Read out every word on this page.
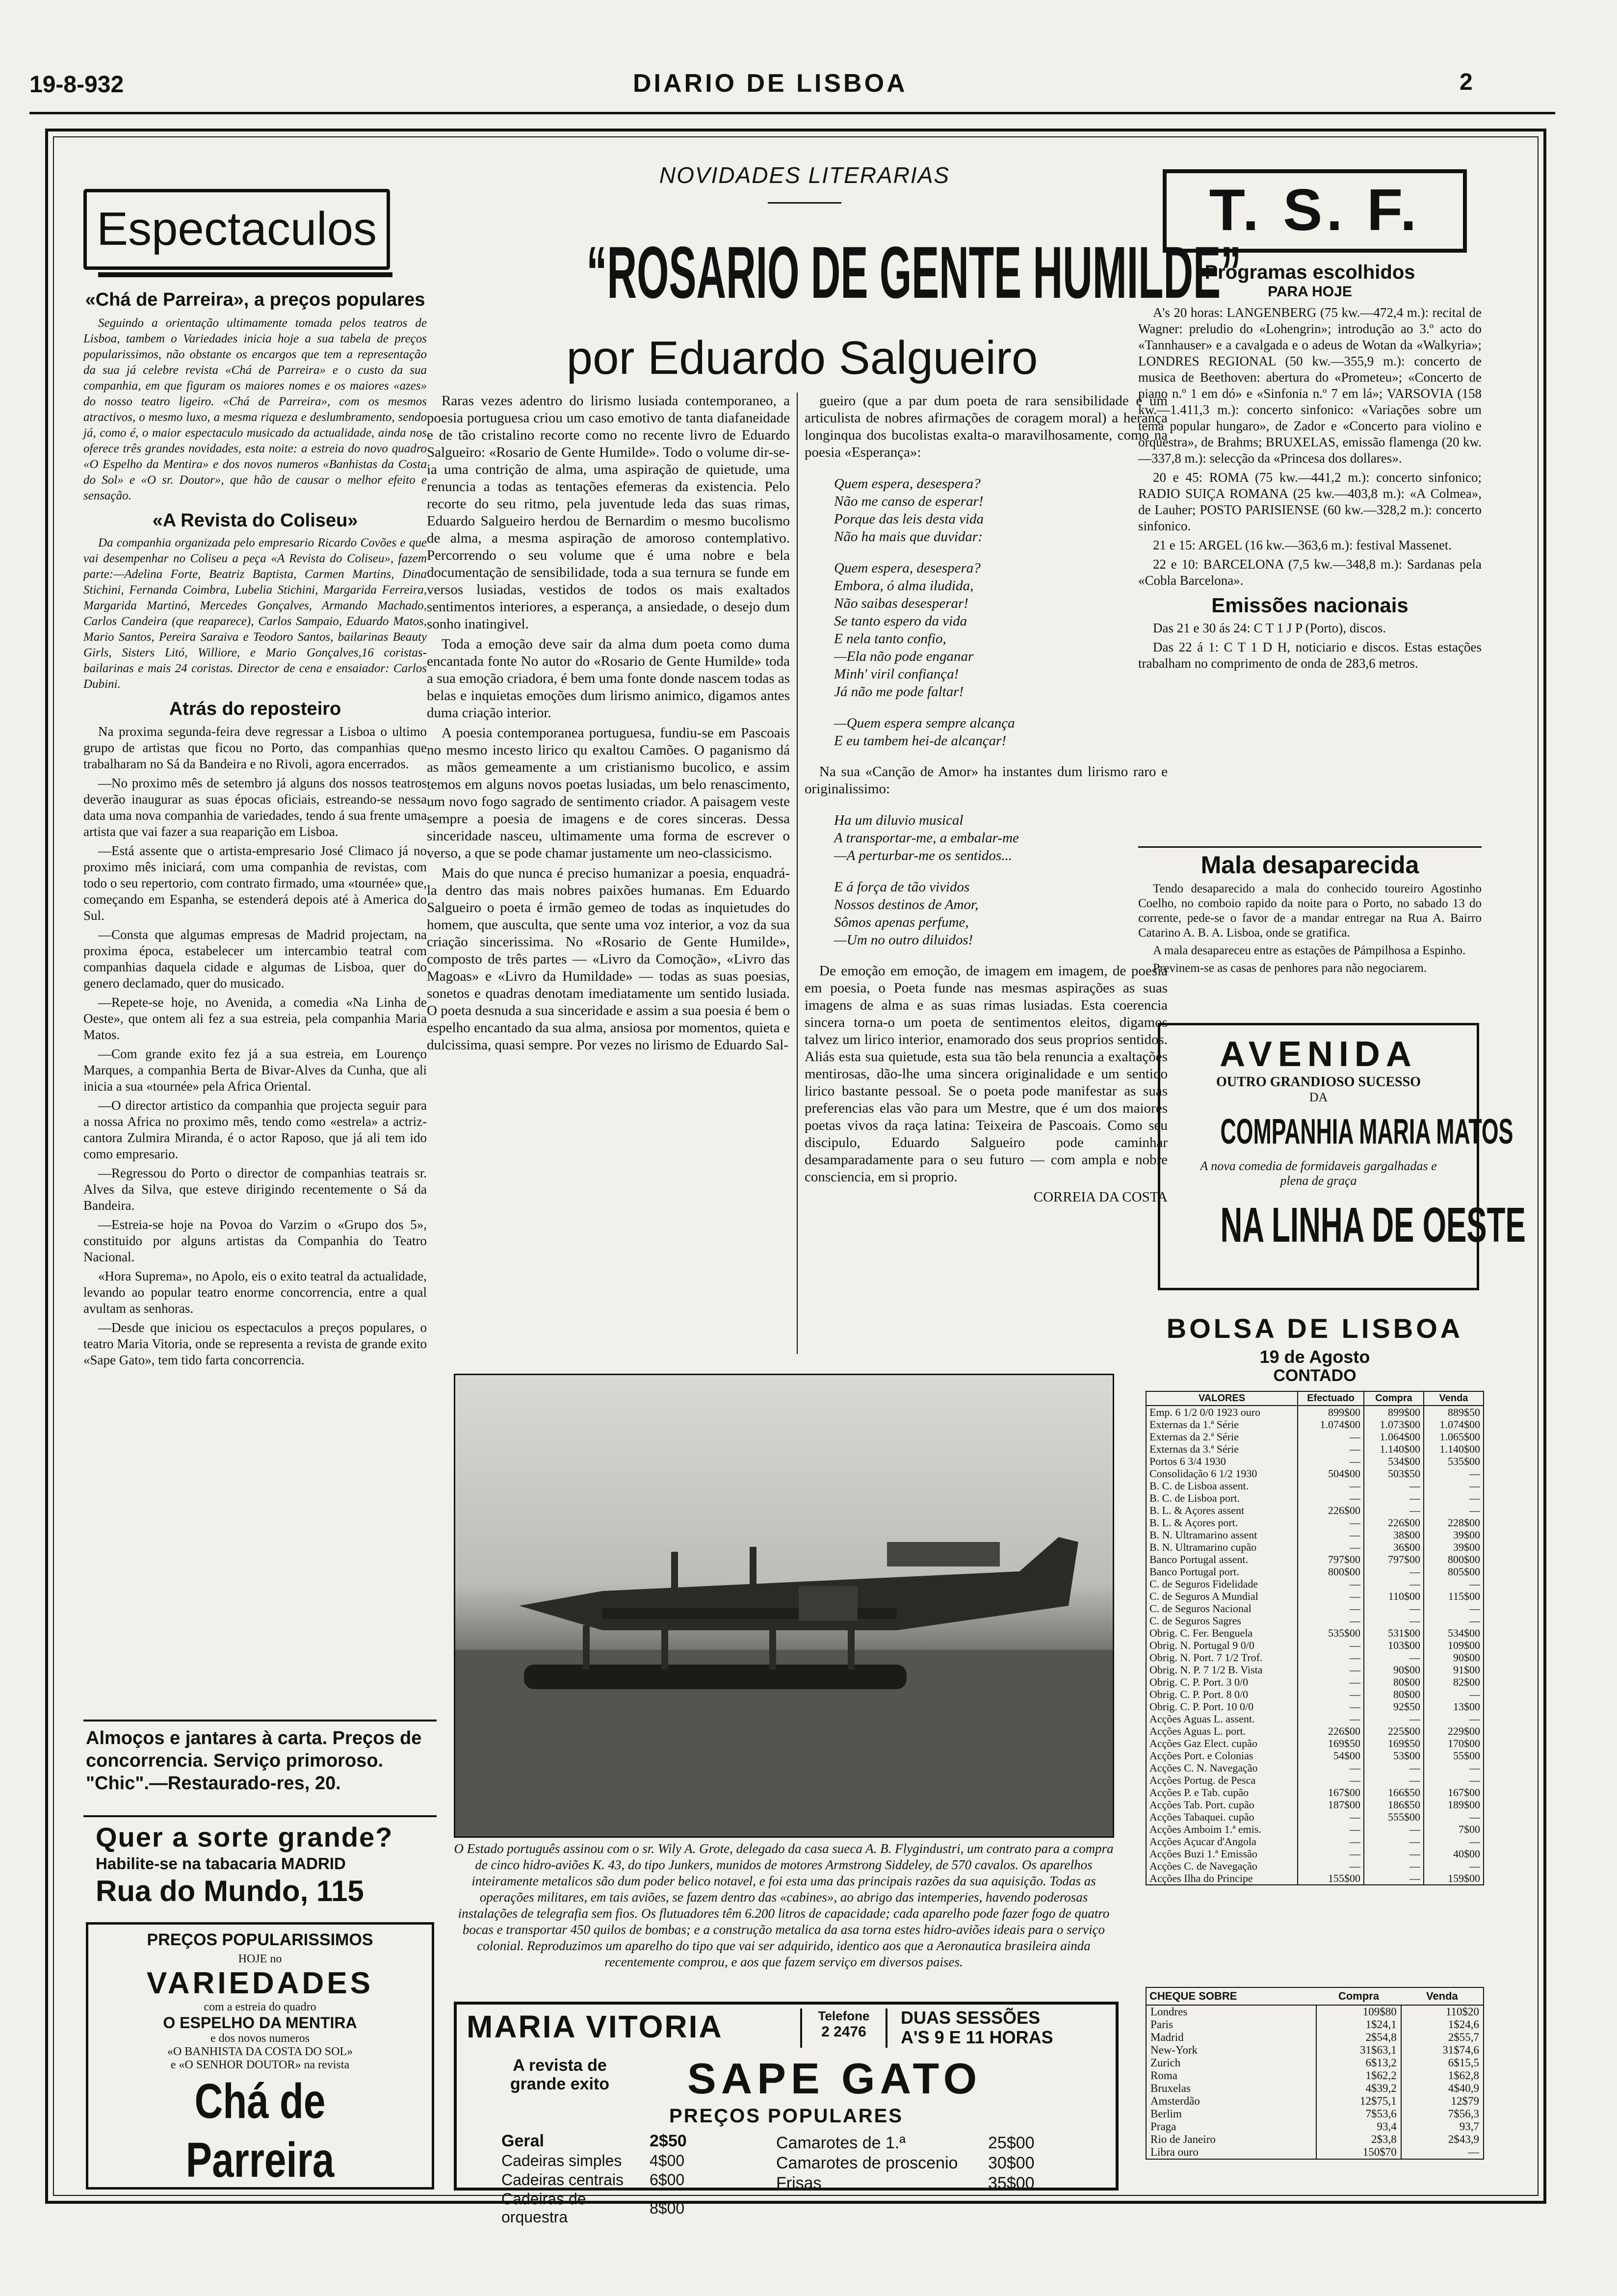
19-8-932	DIARIO DE LISBOA	2
Espectaculos
«Chá de Parreira», a preços populares

Seguindo a orientação ultimamente tomada pelos teatros de Lisboa, tambem o Variedades inicia hoje a sua tabela de preços popularissimos, não obstante os encargos que tem a representação da sua já celebre revista «Chá de Parreira» e o custo da sua companhia, em que figuram os maiores nomes e os maiores «azes» do nosso teatro ligeiro. «Chá de Parreira», com os mesmos atractivos, o mesmo luxo, a mesma riqueza e deslumbramento, sendo já, como é, o maior espectaculo musicado da actualidade, ainda nos oferece três grandes novidades, esta noite: a estreia do novo quadro «O Espelho da Mentira» e dos novos numeros «Banhistas da Costa do Sol» e «O sr. Doutor», que hão de causar o melhor efeito e sensação.

«A Revista do Coliseu»

Da companhia organizada pelo empresario Ricardo Covões e que vai desempenhar no Coliseu a peça «A Revista do Coliseu», fazem parte:—Adelina Forte, Beatriz Baptista, Carmen Martins, Dina Stichini, Fernanda Coimbra, Lubelia Stichini, Margarida Ferreira, Margarida Martinó, Mercedes Gonçalves, Armando Machado, Carlos Candeira (que reaparece), Carlos Sampaio, Eduardo Matos, Mario Santos, Pereira Saraiva e Teodoro Santos, bailarinas Beauty Girls, Sisters Litó, Williore, e Mario Gonçalves,16 coristas-bailarinas e mais 24 coristas. Director de cena e ensaiador: Carlos Dubini.

Atrás do reposteiro

Na proxima segunda-feira deve regressar a Lisboa o ultimo grupo de artistas que ficou no Porto, das companhias que trabalharam no Sá da Bandeira e no Rivoli, agora encerrados.

—No proximo mês de setembro já alguns dos nossos teatros deverão inaugurar as suas épocas oficiais, estreando-se nessa data uma nova companhia de variedades, tendo á sua frente uma artista que vai fazer a sua reaparição em Lisboa.

—Está assente que o artista-empresario José Climaco já no proximo mês iniciará, com uma companhia de revistas, com todo o seu repertorio, com contrato firmado, uma «tournée» que, começando em Espanha, se estenderá depois até à America do Sul.

—Consta que algumas empresas de Madrid projectam, na proxima época, estabelecer um intercambio teatral com companhias daquela cidade e algumas de Lisboa, quer do genero declamado, quer do musicado.

—Repete-se hoje, no Avenida, a comedia «Na Linha de Oeste», que ontem ali fez a sua estreia, pela companhia Maria Matos.

—Com grande exito fez já a sua estreia, em Lourenço Marques, a companhia Berta de Bivar-Alves da Cunha, que ali inicia a sua «tournée» pela Africa Oriental.

—O director artistico da companhia que projecta seguir para a nossa Africa no proximo mês, tendo como «estrela» a actriz-cantora Zulmira Miranda, é o actor Raposo, que já ali tem ido como empresario.

—Regressou do Porto o director de companhias teatrais sr. Alves da Silva, que esteve dirigindo recentemente o Sá da Bandeira.

—Estreia-se hoje na Povoa do Varzim o «Grupo dos 5», constituido por alguns artistas da Companhia do Teatro Nacional.

«Hora Suprema», no Apolo, eis o exito teatral da actualidade, levando ao popular teatro enorme concorrencia, entre a qual avultam as senhoras.

—Desde que iniciou os espectaculos a preços populares, o teatro Maria Vitoria, onde se representa a revista de grande exito «Sape Gato», tem tido farta concorrencia.

Almoços e jantares à carta. Preços de concorrencia. Serviço primoroso. "Chic".—Restaurado-res, 20.
Quer a sorte grande?
Habilite-se na tabacaria MADRID
Rua do Mundo, 115
PREÇOS POPULARISSIMOS
HOJE no
VARIEDADES
com a estreia do quadro
O ESPELHO DA MENTIRA
e dos novos numeros
«O BANHISTA DA COSTA DO SOL»
e «O SENHOR DOUTOR» na revista
Chá de Parreira
NOVIDADES LITERARIAS
“ROSARIO DE GENTE HUMILDE”
por Eduardo Salgueiro

Raras vezes adentro do lirismo lusiada contemporaneo, a poesia portuguesa criou um caso emotivo de tanta diafaneidade e de tão cristalino recorte como no recente livro de Eduardo Salgueiro: «Rosario de Gente Humilde». Todo o volume dir-se-ia uma contrição de alma, uma aspiração de quietude, uma renuncia a todas as tentações efemeras da existencia. Pelo recorte do seu ritmo, pela juventude leda das suas rimas, Eduardo Salgueiro herdou de Bernardim o mesmo bucolismo de alma, a mesma aspiração de amoroso contemplativo. Percorrendo o seu volume que é uma nobre e bela documentação de sensibilidade, toda a sua ternura se funde em versos lusiadas, vestidos de todos os mais exaltados sentimentos interiores, a esperança, a ansiedade, o desejo dum sonho inatingivel.

Toda a emoção deve sair da alma dum poeta como duma encantada fonte No autor do «Rosario de Gente Humilde» toda a sua emoção criadora, é bem uma fonte donde nascem todas as belas e inquietas emoções dum lirismo animico, digamos antes duma criação interior.

A poesia contemporanea portuguesa, fundiu-se em Pascoais no mesmo incesto lirico qu exaltou Camões. O paganismo dá as mãos gemeamente a um cristianismo bucolico, e assim temos em alguns novos poetas lusiadas, um belo renascimento, um novo fogo sagrado de sentimento criador. A paisagem veste sempre a poesia de imagens e de cores sinceras. Dessa sinceridade nasceu, ultimamente uma forma de escrever o verso, a que se pode chamar justamente um neo-classicismo.

Mais do que nunca é preciso humanizar a poesia, enquadrá-la dentro das mais nobres paixões humanas. Em Eduardo Salgueiro o poeta é irmão gemeo de todas as inquietudes do homem, que ausculta, que sente uma voz interior, a voz da sua criação sincerissima. No «Rosario de Gente Humilde», composto de três partes — «Livro da Comoção», «Livro das Magoas» e «Livro da Humildade» — todas as suas poesias, sonetos e quadras denotam imediatamente um sentido lusiada. O poeta desnuda a sua sinceridade e assim a sua poesia é bem o espelho encantado da sua alma, ansiosa por momentos, quieta e dulcissima, quasi sempre. Por vezes no lirismo de Eduardo Sal-

gueiro (que a par dum poeta de rara sensibilidade é um articulista de nobres afirmações de coragem moral) a herança longinqua dos bucolistas exalta-o maravilhosamente, como na poesia «Esperança»:

Quem espera, desespera?
Não me canso de esperar!
Porque das leis desta vida
Não ha mais que duvidar:
Quem espera, desespera?
Embora, ó alma iludida,
Não saibas desesperar!
Se tanto espero da vida
E nela tanto confio,
—Ela não pode enganar
Minh' viril confiança!
Já não me pode faltar!
—Quem espera sempre alcança
E eu tambem hei-de alcançar!

Na sua «Canção de Amor» ha instantes dum lirismo raro e originalissimo:

Ha um diluvio musical
A transportar-me, a embalar-me
—A perturbar-me os sentidos...
E á força de tão vividos
Nossos destinos de Amor,
Sômos apenas perfume,
—Um no outro diluidos!

De emoção em emoção, de imagem em imagem, de poesia em poesia, o Poeta funde nas mesmas aspirações as suas imagens de alma e as suas rimas lusiadas. Esta coerencia sincera torna-o um poeta de sentimentos eleitos, digamos talvez um lirico interior, enamorado dos seus proprios sentidos. Aliás esta sua quietude, esta sua tão bela renuncia a exaltações mentirosas, dão-lhe uma sincera originalidade e um sentido lirico bastante pessoal. Se o poeta pode manifestar as suas preferencias elas vão para um Mestre, que é um dos maiores poetas vivos da raça latina: Teixeira de Pascoais. Como seu discipulo, Eduardo Salgueiro pode caminhar desamparadamente para o seu futuro — com ampla e nobre consciencia, em si proprio.

CORREIA DA COSTA
O Estado português assinou com o sr. Wily A. Grote, delegado da casa sueca A. B. Flygindustri, um contrato para a compra de cinco hidro-aviões K. 43, do tipo Junkers, munidos de motores Armstrong Siddeley, de 570 cavalos. Os aparelhos inteiramente metalicos são dum poder belico notavel, e foi esta uma das principais razões da sua aquisição. Todas as operações militares, em tais aviões, se fazem dentro das «cabines», ao abrigo das intemperies, havendo poderosas instalações de telegrafia sem fios. Os flutuadores têm 6.200 litros de capacidade; cada aparelho pode fazer fogo de quatro bocas e transportar 450 quilos de bombas; e a construção metalica da asa torna estes hidro-aviões ideais para o serviço colonial. Reproduzimos um aparelho do tipo que vai ser adquirido, identico aos que a Aeronautica brasileira ainda recentemente comprou, e aos que fazem serviço em diversos paises.
MARIA VITORIA	Telefone
2 2476
DUAS SESSÕES
A'S 9 E 11 HORAS
A revista de grande exito SAPE GATO
PREÇOS POPULARES
Geral	2$50
Cadeiras simples	4$00
Cadeiras centrais	6$00
Cadeiras de orquestra	8$00
Camarotes de 1.ª	25$00
Camarotes de proscenio	30$00
Frisas	35$00
T. S. F.
Programas escolhidos
PARA HOJE

A's 20 horas: LANGENBERG (75 kw.—472,4 m.): recital de Wagner: preludio do «Lohengrin»; introdução ao 3.º acto do «Tannhauser» e a cavalgada e o adeus de Wotan da «Walkyria»; LONDRES REGIONAL (50 kw.—355,9 m.): concerto de musica de Beethoven: abertura do «Prometeu»; «Concerto de piano n.º 1 em dó» e «Sinfonia n.º 7 em lá»; VARSOVIA (158 kw.—1.411,3 m.): concerto sinfonico: «Variações sobre um tema popular hungaro», de Zador e «Concerto para violino e orquestra», de Brahms; BRUXELAS, emissão flamenga (20 kw.—337,8 m.): selecção da «Princesa dos dollares».

20 e 45: ROMA (75 kw.—441,2 m.): concerto sinfonico; RADIO SUIÇA ROMANA (25 kw.—403,8 m.): «A Colmea», de Lauher; POSTO PARISIENSE (60 kw.—328,2 m.): concerto sinfonico.

21 e 15: ARGEL (16 kw.—363,6 m.): festival Massenet.

22 e 10: BARCELONA (7,5 kw.—348,8 m.): Sardanas pela «Cobla Barcelona».

Emissões nacionais

Das 21 e 30 ás 24: C T 1 J P (Porto), discos.

Das 22 á 1: C T 1 D H, noticiario e discos. Estas estações trabalham no comprimento de onda de 283,6 metros.

Mala desaparecida

Tendo desaparecido a mala do conhecido toureiro Agostinho Coelho, no comboio rapido da noite para o Porto, no sabado 13 do corrente, pede-se o favor de a mandar entregar na Rua A. Bairro Catarino A. B. A. Lisboa, onde se gratifica.

A mala desapareceu entre as estações de Pámpilhosa a Espinho.

Previnem-se as casas de penhores para não negociarem.

AVENIDA
OUTRO GRANDIOSO SUCESSO
DA
COMPANHIA MARIA MATOS
A nova comedia de formidaveis gargalhadas e plena de graça
NA LINHA DE OESTE
BOLSA DE LISBOA
19 de Agosto
CONTADO
VALORES	Efectuado	Compra	Venda
Emp. 6 1/2 0/0 1923 ouro	899$00	899$00	889$50
Externas da 1.ª Série	1.074$00	1.073$00	1.074$00
Externas da 2.ª Série	—	1.064$00	1.065$00
Externas da 3.ª Série	—	1.140$00	1.140$00
Portos 6 3/4 1930	—	534$00	535$00
Consolidação 6 1/2 1930	504$00	503$50	—
B. C. de Lisboa assent.	—	—	—
B. C. de Lisboa port.	—	—	—
B. L. & Açores assent	226$00	—	—
B. L. & Açores port.	—	226$00	228$00
B. N. Ultramarino assent	—	38$00	39$00
B. N. Ultramarino cupão	—	36$00	39$00
Banco Portugal assent.	797$00	797$00	800$00
Banco Portugal port.	800$00	—	805$00
C. de Seguros Fidelidade	—	—	—
C. de Seguros A Mundial	—	110$00	115$00
C. de Seguros Nacional	—	—	—
C. de Seguros Sagres	—	—	—
Obrig. C. Fer. Benguela	535$00	531$00	534$00
Obrig. N. Portugal 9 0/0	—	103$00	109$00
Obrig. N. Port. 7 1/2 Trof.	—	—	90$00
Obrig. N. P. 7 1/2 B. Vista	—	90$00	91$00
Obrig. C. P. Port. 3 0/0	—	80$00	82$00
Obrig. C. P. Port. 8 0/0	—	80$00	—
Obrig. C. P. Port. 10 0/0	—	92$50	13$00
Acções Aguas L. assent.	—	—	—
Acções Aguas L. port.	226$00	225$00	229$00
Acções Gaz Elect. cupão	169$50	169$50	170$00
Acções Port. e Colonias	54$00	53$00	55$00
Acções C. N. Navegação	—	—	—
Acções Portug. de Pesca	—	—	—
Acções P. e Tab. cupão	167$00	166$50	167$00
Acções Tab. Port. cupão	187$00	186$50	189$00
Acções Tabaquei. cupão	—	555$00	—
Acções Amboim 1.ª emis.	—	—	7$00
Acções Açucar d'Angola	—	—	—
Acções Buzi 1.ª Emissão	—	—	40$00
Acções C. de Navegação	—	—	—
Acções Ilha do Principe	155$00	—	159$00
CHEQUE SOBRE	Compra	Venda
Londres	109$80	110$20
Paris	1$24,1	1$24,6
Madrid	2$54,8	2$55,7
New-York	31$63,1	31$74,6
Zurich	6$13,2	6$15,5
Roma	1$62,2	1$62,8
Bruxelas	4$39,2	4$40,9
Amsterdão	12$75,1	12$79
Berlim	7$53,6	7$56,3
Praga	93,4	93,7
Rio de Janeiro	2$3,8	2$43,9
Libra ouro	150$70	—
